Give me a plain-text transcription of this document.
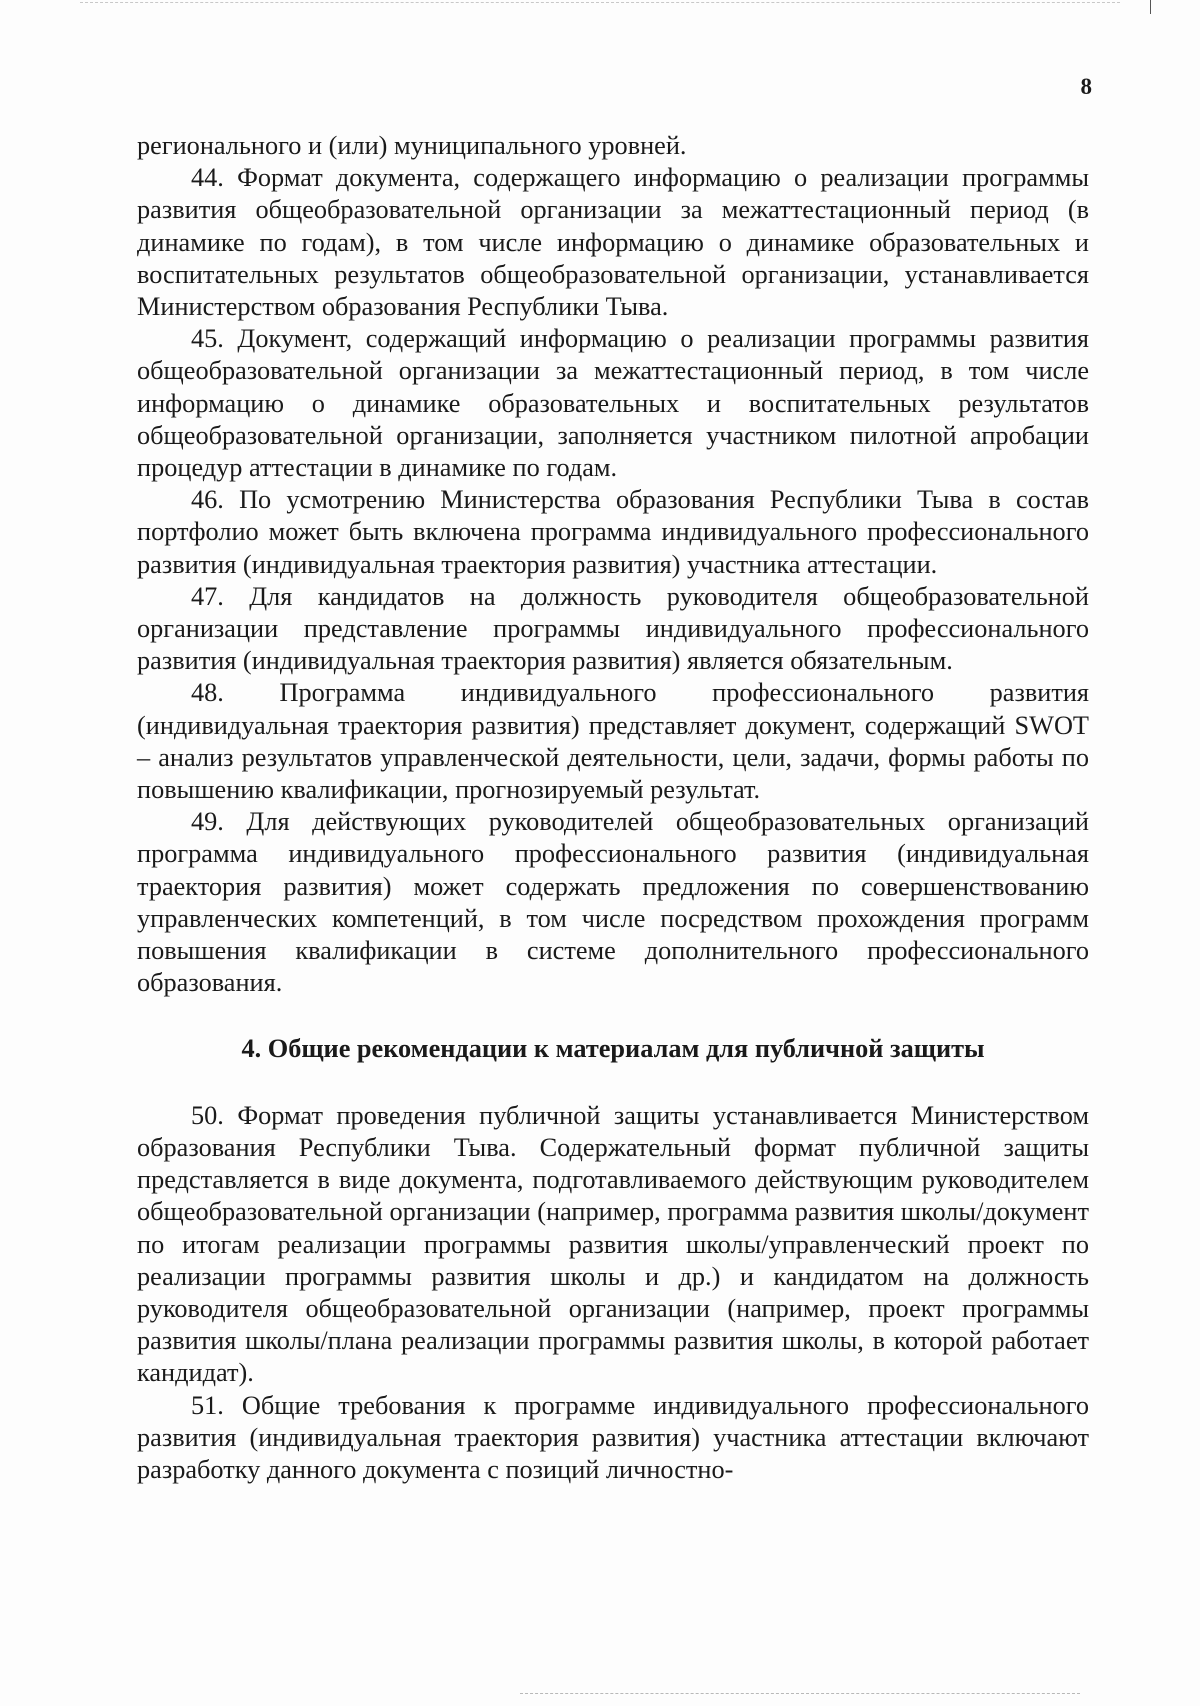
8

регионального и (или) муниципального уровней.

44. Формат документа, содержащего информацию о реализации программы развития общеобразовательной организации за межаттестационный период (в динамике по годам), в том числе информацию о динамике образовательных и воспитательных результатов общеобразовательной организации, устанавливается Министерством образования Республики Тыва.

45. Документ, содержащий информацию о реализации программы развития общеобразовательной организации за межаттестационный период, в том числе информацию о динамике образовательных и воспитательных результатов общеобразовательной организации, заполняется участником пилотной апробации процедур аттестации в динамике по годам.

46. По усмотрению Министерства образования Республики Тыва в состав портфолио может быть включена программа индивидуального профессионального развития (индивидуальная траектория развития) участника аттестации.

47. Для кандидатов на должность руководителя общеобразовательной организации представление программы индивидуального профессионального развития (индивидуальная траектория развития) является обязательным.

48. Программа индивидуального профессионального развития (индивидуальная траектория развития) представляет документ, содержащий SWOT – анализ результатов управленческой деятельности, цели, задачи, формы работы по повышению квалификации, прогнозируемый результат.

49. Для действующих руководителей общеобразовательных организаций программа индивидуального профессионального развития (индивидуальная траектория развития) может содержать предложения по совершенствованию управленческих компетенций, в том числе посредством прохождения программ повышения квалификации в системе дополнительного профессионального образования.

4. Общие рекомендации к материалам для публичной защиты

50. Формат проведения публичной защиты устанавливается Министерством образования Республики Тыва. Содержательный формат публичной защиты представляется в виде документа, подготавливаемого действующим руководителем общеобразовательной организации (например, программа развития школы/документ по итогам реализации программы развития школы/управленческий проект по реализации программы развития школы и др.) и кандидатом на должность руководителя общеобразовательной организации (например, проект программы развития школы/плана реализации программы развития школы, в которой работает кандидат).

51. Общие требования к программе индивидуального профессионального развития (индивидуальная траектория развития) участника аттестации включают разработку данного документа с позиций личностно-
